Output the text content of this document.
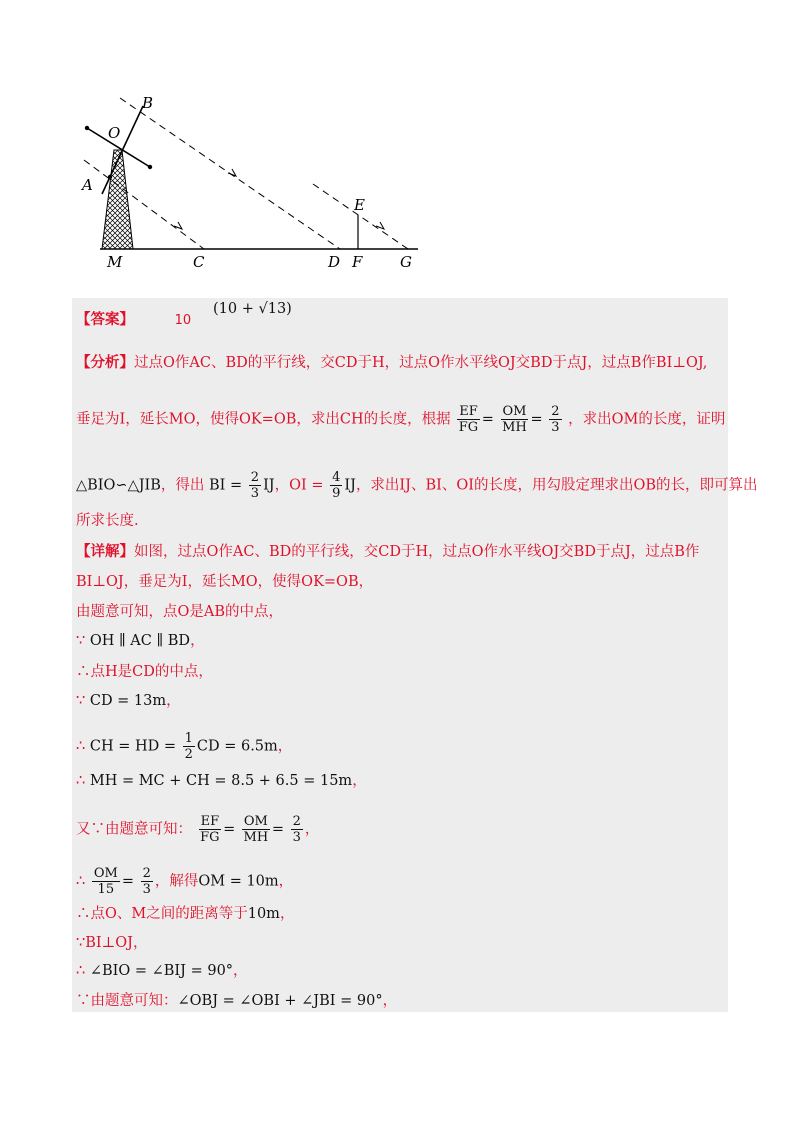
B
O
A
E
M	C	D F	G
【答案】	10
(10 + √13)
【分析】过点O作AC、BD的平行线，交CD于H，过点O作水平线OJ交BD于点J，过点B作BI⊥OJ,
垂足为I，延长MO，使得OK=OB，求出CH的长度，根据 $\frac{EF}{FG} = \frac{OM}{MH} = \frac{2}{3}$ ，求出OM的长度，证明
△BIO∽△JIB，得出 BI = $\frac{2}{3}$ IJ，OI = $\frac{4}{9}$ IJ，求出IJ、BI、OI的长度，用勾股定理求出OB的长，即可算出
所求长度.
【详解】如图，过点O作AC、BD的平行线，交CD于H，过点O作水平线OJ交BD于点J，过点B作
BI⊥OJ，垂足为I，延长MO，使得OK=OB，
由题意可知，点O是AB的中点，
∵ OH ∥ AC ∥ BD，
∴点H是CD的中点，
∵ CD = 13m，
∴ CH = HD = $\frac{1}{2}$ CD = 6.5m，
∴ MH = MC + CH = 8.5 + 6.5 = 15m，
又∵由题意可知： $\frac{EF}{FG} = \frac{OM}{MH} = \frac{2}{3}$ ，
∴ $\frac{OM}{15} = \frac{2}{3}$ ，解得OM = 10m，
∴点O、M之间的距离等于10m，
∵BI⊥OJ，
∴ ∠BIO = ∠BIJ = 90°，
∵由题意可知：∠OBJ = ∠OBI + ∠JBI = 90°，
